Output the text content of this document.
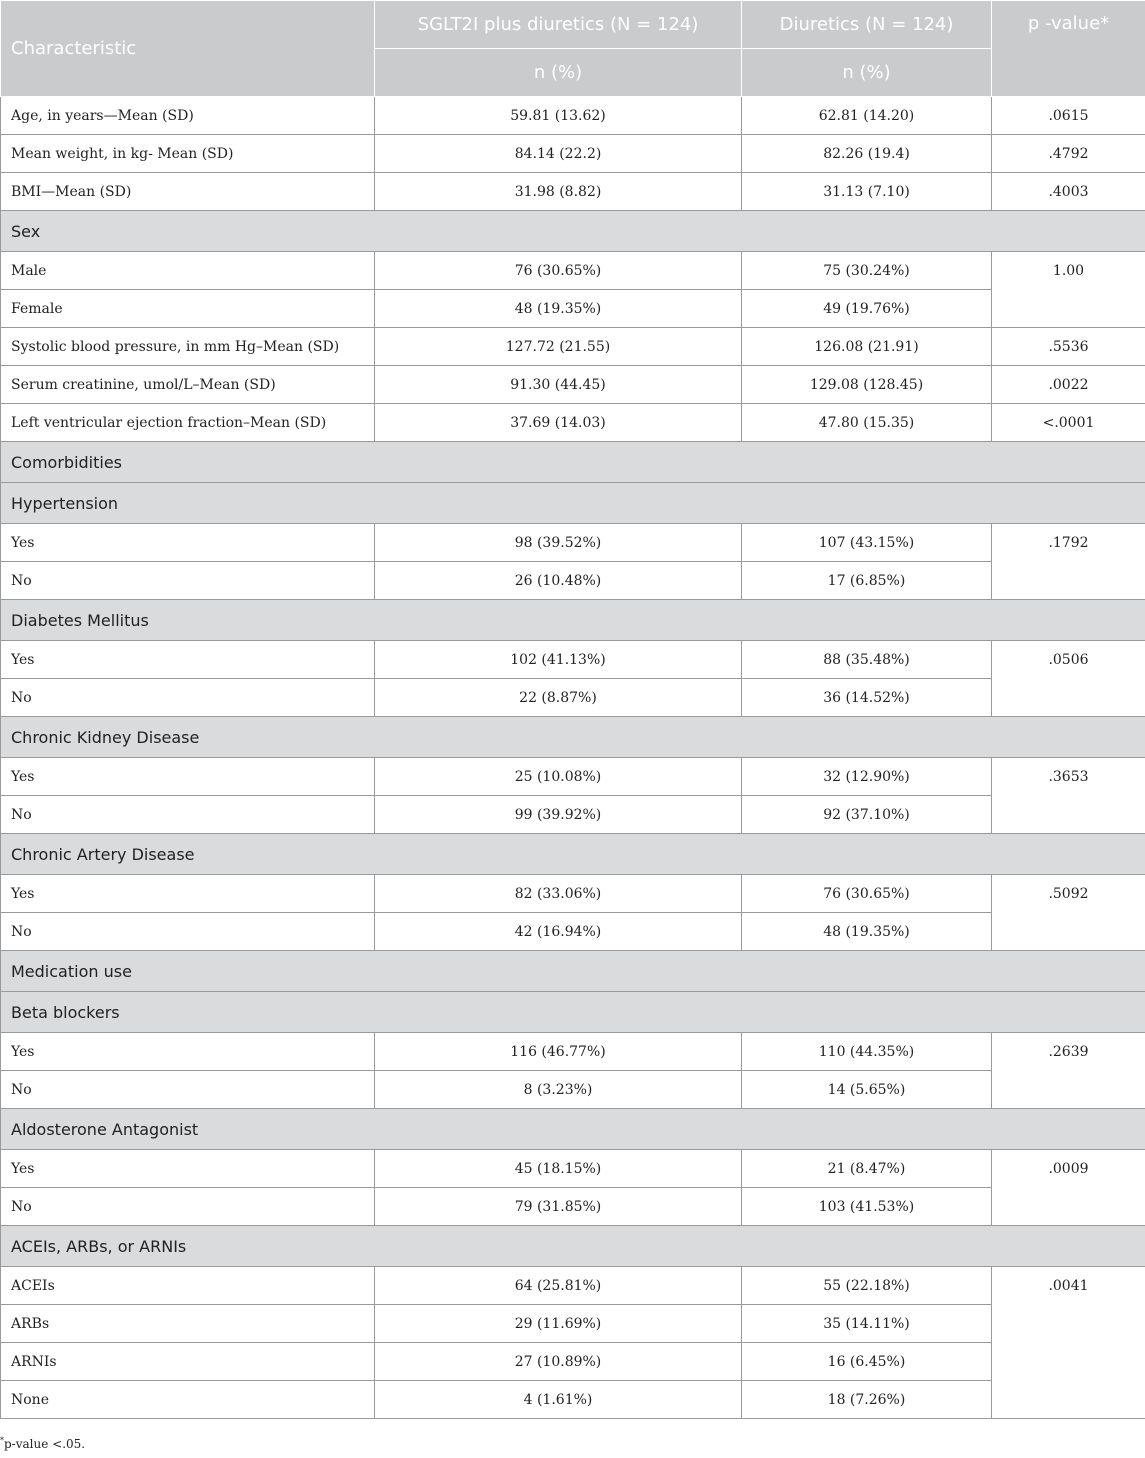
Characteristic	SGLT2I plus diuretics (N = 124)	Diuretics (N = 124)	p -value*
	n (%)	n (%)	
Age, in years—Mean (SD)	59.81 (13.62)	62.81 (14.20)	.0615
Mean weight, in kg- Mean (SD)	84.14 (22.2)	82.26 (19.4)	.4792
BMI—Mean (SD)	31.98 (8.82)	31.13 (7.10)	.4003
Sex			
Male	76 (30.65%)	75 (30.24%)	1.00
Female	48 (19.35%)	49 (19.76%)	
Systolic blood pressure, in mm Hg–Mean (SD)	127.72 (21.55)	126.08 (21.91)	.5536
Serum creatinine, umol/L–Mean (SD)	91.30 (44.45)	129.08 (128.45)	.0022
Left ventricular ejection fraction–Mean (SD)	37.69 (14.03)	47.80 (15.35)	<.0001
Comorbidities			
Hypertension			
Yes	98 (39.52%)	107 (43.15%)	.1792
No	26 (10.48%)	17 (6.85%)	
Diabetes Mellitus			
Yes	102 (41.13%)	88 (35.48%)	.0506
No	22 (8.87%)	36 (14.52%)	
Chronic Kidney Disease			
Yes	25 (10.08%)	32 (12.90%)	.3653
No	99 (39.92%)	92 (37.10%)	
Chronic Artery Disease			
Yes	82 (33.06%)	76 (30.65%)	.5092
No	42 (16.94%)	48 (19.35%)	
Medication use			
Beta blockers			
Yes	116 (46.77%)	110 (44.35%)	.2639
No	8 (3.23%)	14 (5.65%)	
Aldosterone Antagonist			
Yes	45 (18.15%)	21 (8.47%)	.0009
No	79 (31.85%)	103 (41.53%)	
ACEIs, ARBs, or ARNIs			
ACEIs	64 (25.81%)	55 (22.18%)	.0041
ARBs	29 (11.69%)	35 (14.11%)	
ARNIs	27 (10.89%)	16 (6.45%)	
None	4 (1.61%)	18 (7.26%)	
*p-value <.05.
